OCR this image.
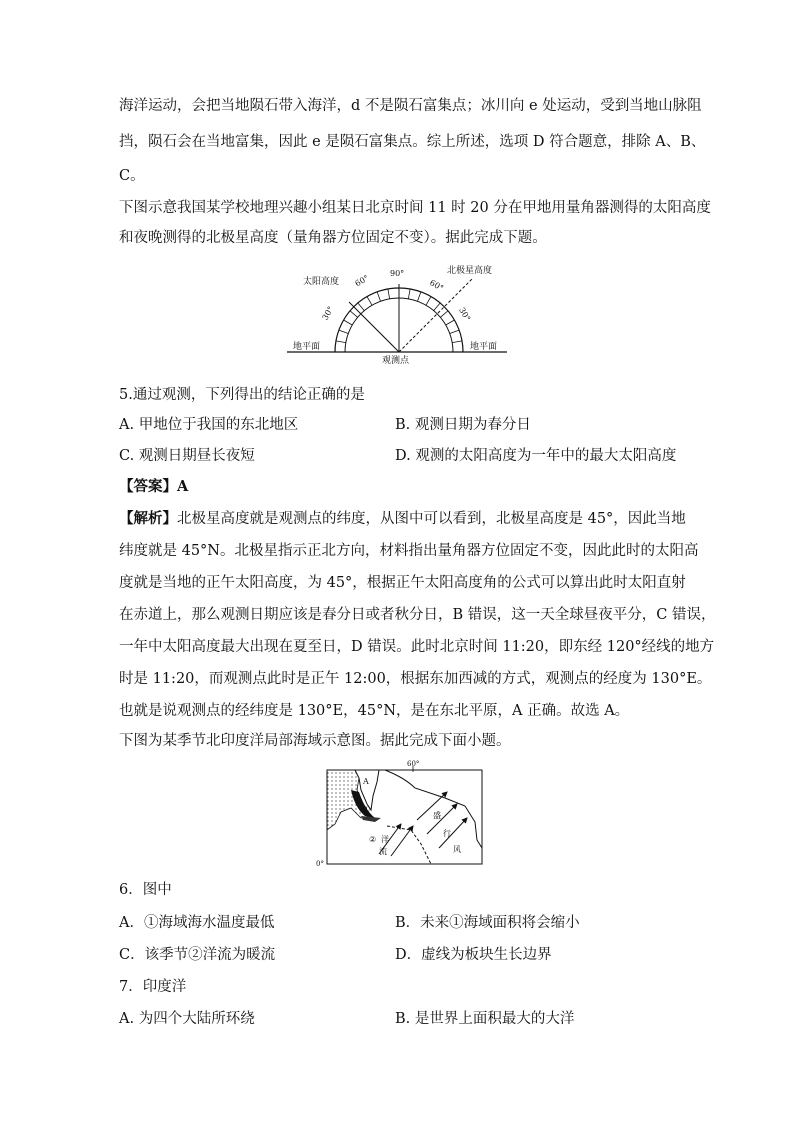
海洋运动，会把当地陨石带入海洋，d 不是陨石富集点；冰川向 e 处运动，受到当地山脉阻
挡，陨石会在当地富集，因此 e 是陨石富集点。综上所述，选项 D 符合题意，排除 A、B、
C。
下图示意我国某学校地理兴趣小组某日北京时间 11 时 20 分在甲地用量角器测得的太阳高度
和夜晚测得的北极星高度（量角器方位固定不变）。据此完成下题。
太阳高度
北极星高度
90°
60°	60°
30°	30°
地平面	地平面
观测点
5.通过观测，下列得出的结论正确的是
A. 甲地位于我国的东北地区	B. 观测日期为春分日
C. 观测日期昼长夜短	D. 观测的太阳高度为一年中的最大太阳高度
【答案】A
【解析】北极星高度就是观测点的纬度，从图中可以看到，北极星高度是 45°，因此当地
纬度就是 45°N。北极星指示正北方向，材料指出量角器方位固定不变，因此此时的太阳高
度就是当地的正午太阳高度，为 45°，根据正午太阳高度角的公式可以算出此时太阳直射
在赤道上，那么观测日期应该是春分日或者秋分日，B 错误，这一天全球昼夜平分，C 错误，
一年中太阳高度最大出现在夏至日，D 错误。此时北京时间 11:20，即东经 120°经线的地方
时是 11:20，而观测点此时是正午 12:00，根据东加西减的方式，观测点的经度为 130°E。
也就是说观测点的经纬度是 130°E，45°N，是在东北平原，A 正确。故选 A。
下图为某季节北印度洋局部海域示意图。据此完成下面小题。
60°
0°
A
①
② 洋
流
盛
行
风
6．图中
A．①海域海水温度最低	B．未来①海域面积将会缩小
C．该季节②洋流为暖流	D．虚线为板块生长边界
7．印度洋
A. 为四个大陆所环绕	B. 是世界上面积最大的大洋
